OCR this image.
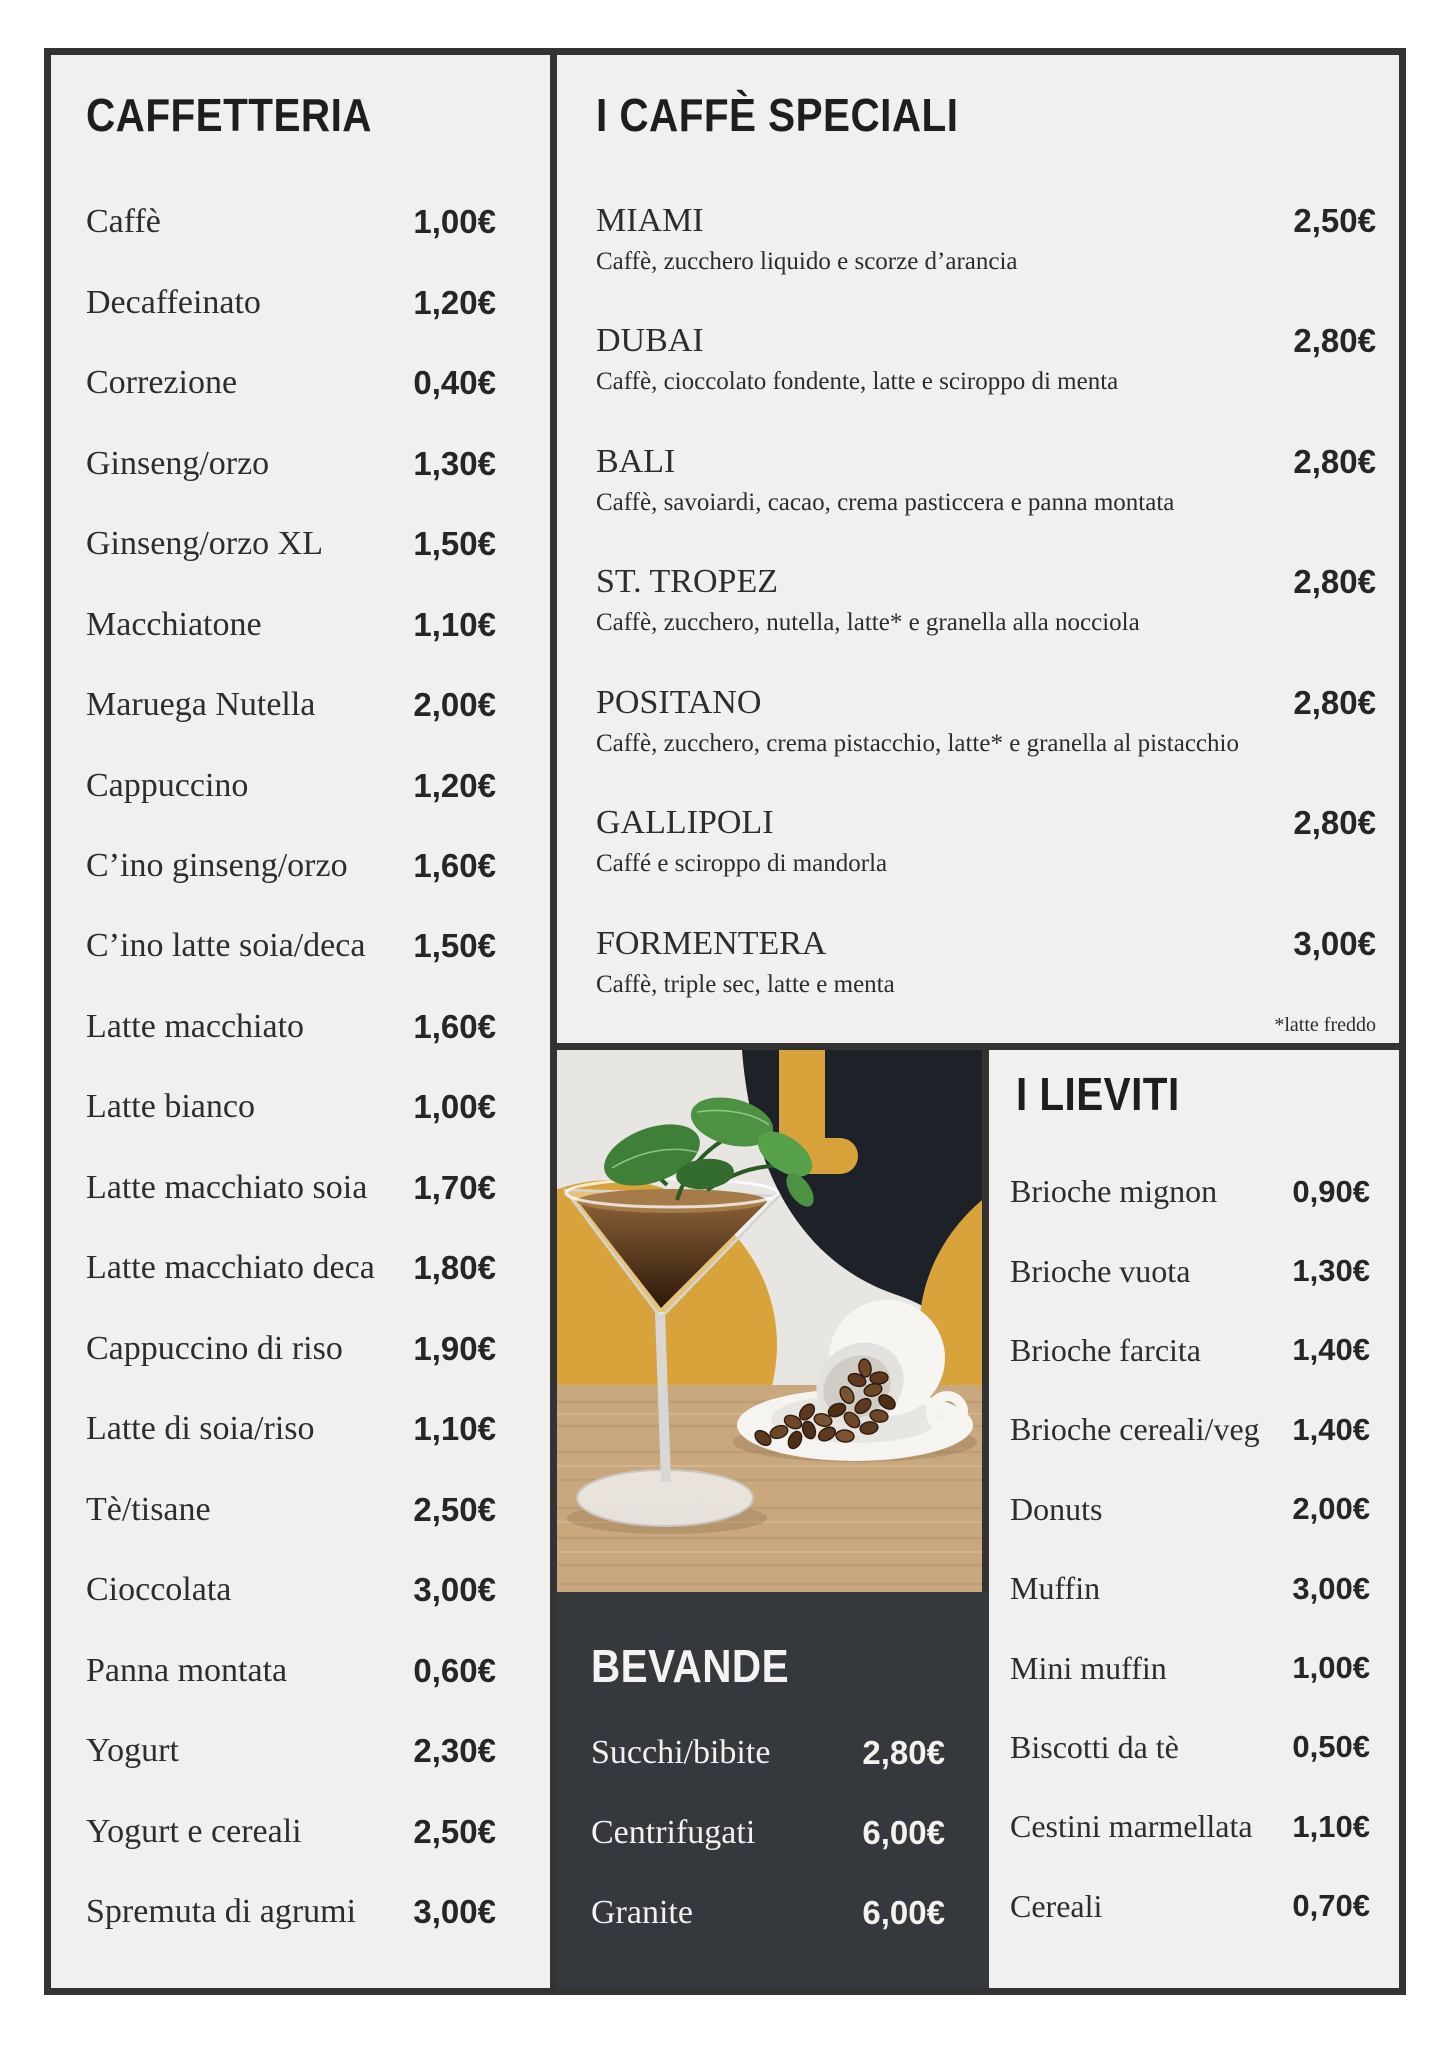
CAFFETTERIA	I CAFFÈ SPECIALI
Caffè	1,00€
Decaffeinato	1,20€
Correzione	0,40€
Ginseng/orzo	1,30€
Ginseng/orzo XL	1,50€
Macchiatone	1,10€
Maruega Nutella	2,00€
Cappuccino	1,20€
C’ino ginseng/orzo 1,60€
C’ino latte soia/deca 1,50€
Latte macchiato	1,60€
Latte bianco	1,00€
Latte macchiato soia 1,70€
Latte macchiato deca 1,80€
Cappuccino di riso 1,90€
Latte di soia/riso	1,10€
Tè/tisane	2,50€
Cioccolata	3,00€
Panna montata	0,60€
Yogurt	2,30€
Yogurt e cereali	2,50€
Spremuta di agrumi 3,00€
MIAMI	2,50€
Caffè, zucchero liquido e scorze d’arancia
DUBAI	2,80€
Caffè, cioccolato fondente, latte e sciroppo di menta
BALI	2,80€
Caffè, savoiardi, cacao, crema pasticcera e panna montata
ST. TROPEZ	2,80€
Caffè, zucchero, nutella, latte* e granella alla nocciola
POSITANO	2,80€
Caffè, zucchero, crema pistacchio, latte* e granella al pistacchio
GALLIPOLI	2,80€
Caffé e sciroppo di mandorla
FORMENTERA	3,00€
Caffè, triple sec, latte e menta
*latte freddo
I LIEVITI
Brioche mignon 0,90€
Brioche vuota	1,30€
Brioche farcita	1,40€
Brioche cereali/veg 1,40€
Donuts	2,00€
Muffin	3,00€
Mini muffin	1,00€
Biscotti da tè	0,50€
Cestini marmellata 1,10€
Cereali	0,70€
BEVANDE
Succhi/bibite	2,80€
Centrifugati	6,00€
Granite	6,00€
